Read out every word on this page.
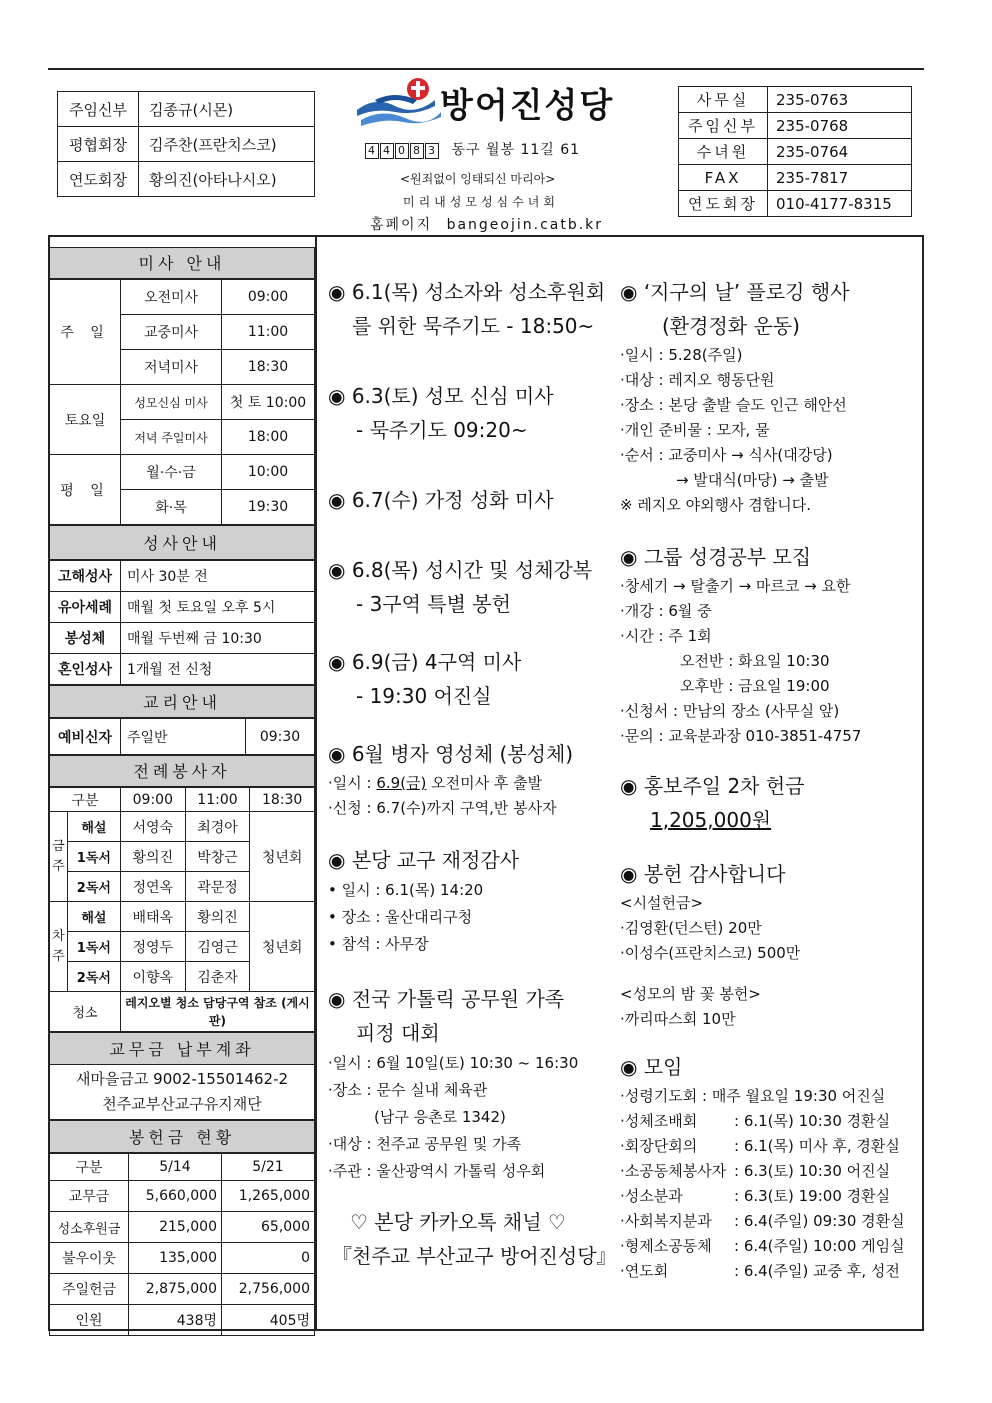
주임신부	김종규(시몬)
평협회장	김주찬(프란치스코)
연도회장	황의진(아타나시오)
방어진성당
4 4 0 8 3 동구 월봉 11길 61
<원죄없이 잉태되신 마리아>
미리내성모성심수녀회
홈페이지 bangeojin.catb.kr
사무실	235-0763
주임신부	235-0768
수녀원	235-0764
FAX	235-7817
연도회장	010-4177-8315
미사 안내
주 일	오전미사	09:00
	교중미사	11:00
	저녁미사	18:30
토요일	성모신심 미사	첫 토 10:00
	저녁 주일미사	18:00
평 일	월·수·금	10:00
	화·목	19:30
성사안내
고해성사	미사 30분 전
유아세례	매월 첫 토요일 오후 5시
봉성체	매월 두번째 금 10:30
혼인성사	1개월 전 신청
교리안내
예비신자	주일반	09:30
전례봉사자
구분		09:00	11:00	18:30
금주	해설	서영숙	최경아	청년회
	1독서	황의진	박창근	
	2독서	정연옥	곽문정	
차주	해설	배태옥	황의진	청년회
	1독서	정영두	김영근	
	2독서	이향옥	김춘자	
청소		레지오별 청소 담당구역 참조 (게시판)		
교무금 납부계좌
새마을금고 9002-15501462-2
천주교부산교구유지재단
봉헌금 현황
구분	5/14	5/21
교무금	5,660,000	1,265,000
성소후원금	215,000	65,000
불우이웃	135,000	0
주일헌금	2,875,000	2,756,000
인원	438명	405명
◉ 6.1(목) 성소자와 성소후원회
를 위한 묵주기도 - 18:50~
◉ 6.3(토) 성모 신심 미사
- 묵주기도 09:20~
◉ 6.7(수) 가정 성화 미사
◉ 6.8(목) 성시간 및 성체강복
- 3구역 특별 봉헌
◉ 6.9(금) 4구역 미사
- 19:30 어진실
◉ 6월 병자 영성체 (봉성체)
·일시 : 6.9(금) 오전미사 후 출발
·신청 : 6.7(수)까지 구역,반 봉사자
◉ 본당 교구 재정감사
• 일시 : 6.1(목) 14:20
• 장소 : 울산대리구청
• 참석 : 사무장
◉ 전국 가톨릭 공무원 가족
피정 대회
·일시 : 6월 10일(토) 10:30 ~ 16:30
·장소 : 문수 실내 체육관
(남구 응촌로 1342)
·대상 : 천주교 공무원 및 가족
·주관 : 울산광역시 가톨릭 성우회
♡ 본당 카카오톡 채널 ♡
『천주교 부산교구 방어진성당』
◉ ‘지구의 날’ 플로깅 행사
(환경정화 운동)
·일시 : 5.28(주일)
·대상 : 레지오 행동단원
·장소 : 본당 출발 슬도 인근 해안선
·개인 준비물 : 모자, 물
·순서 : 교중미사 → 식사(대강당)
→ 발대식(마당) → 출발
※ 레지오 야외행사 겸합니다.
◉ 그룹 성경공부 모집
·창세기 → 탈출기 → 마르코 → 요한
·개강 : 6월 중
·시간 : 주 1회
오전반 : 화요일 10:30
오후반 : 금요일 19:00
·신청서 : 만남의 장소 (사무실 앞)
·문의 : 교육분과장 010-3851-4757
◉ 홍보주일 2차 헌금
1,205,000원
◉ 봉헌 감사합니다
<시설헌금>
·김영환(던스턴) 20만
·이성수(프란치스코) 500만
<성모의 밤 꽃 봉헌>
·까리따스회 10만
◉ 모임
·성령기도회 : 매주 월요일 19:30 어진실
·성체조배회 : 6.1(목) 10:30 경환실
·회장단회의 : 6.1(목) 미사 후, 경환실
·소공동체봉사자 : 6.3(토) 10:30 어진실
·성소분과	: 6.3(토) 19:00 경환실
·사회복지분과 : 6.4(주일) 09:30 경환실
·형제소공동체 : 6.4(주일) 10:00 게임실
·연도회	: 6.4(주일) 교중 후, 성전
